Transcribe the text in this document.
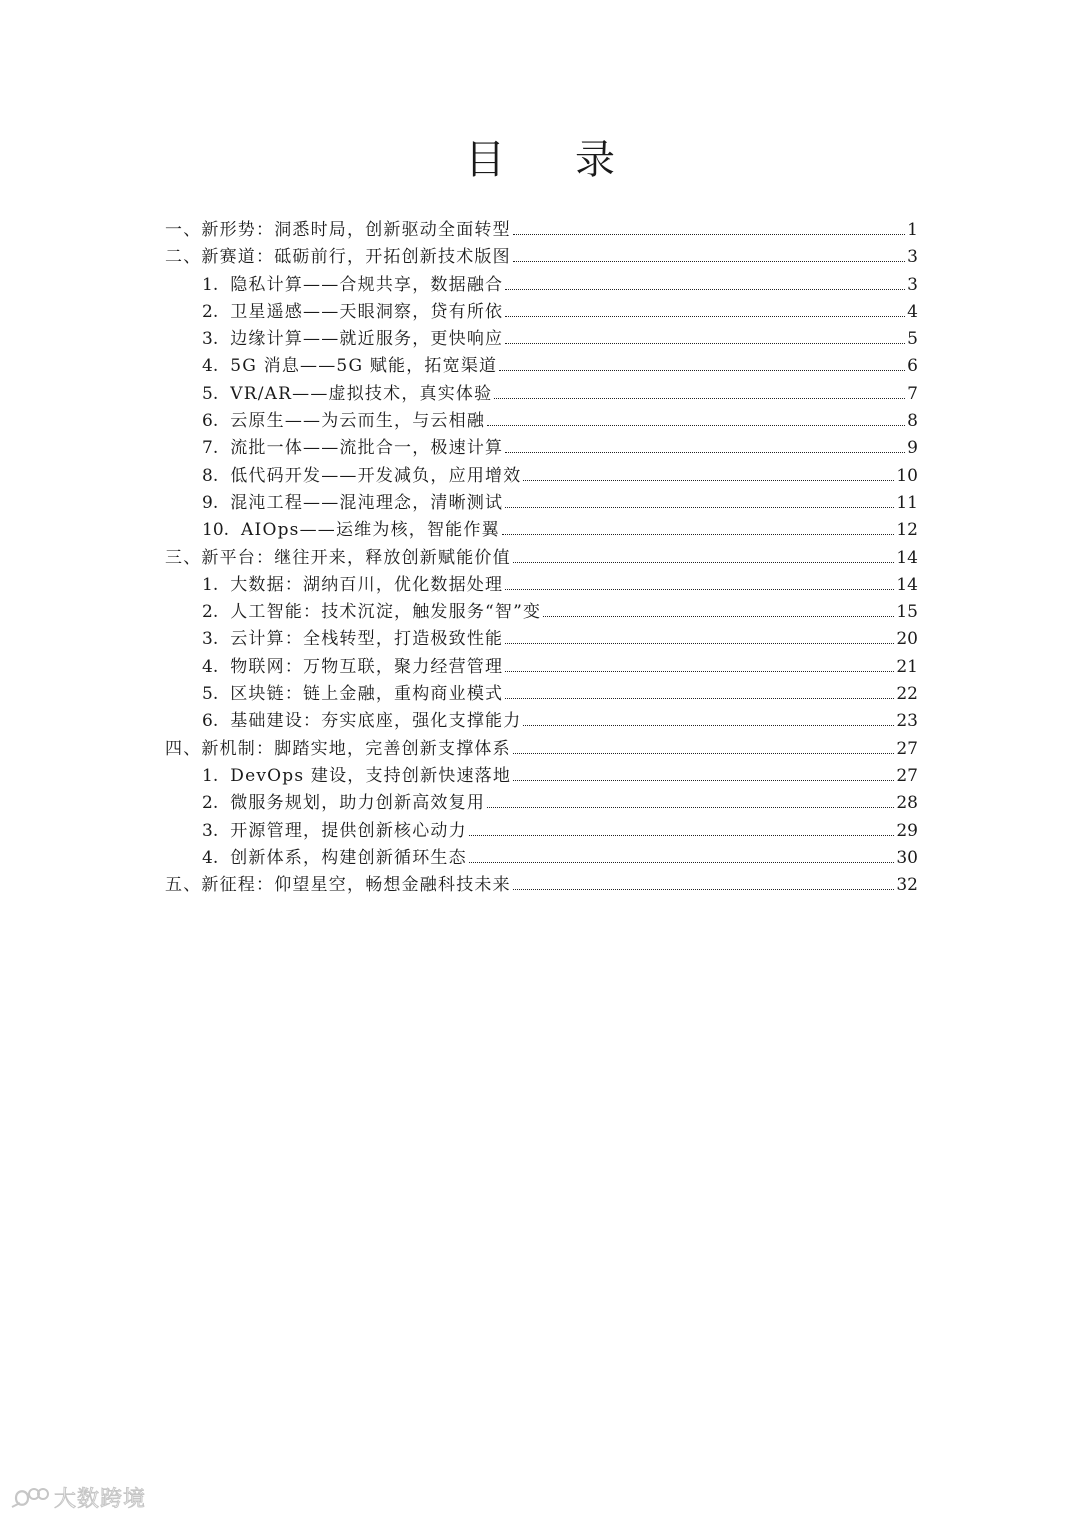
目 录
一、新形势：洞悉时局，创新驱动全面转型	1
二、新赛道：砥砺前行，开拓创新技术版图	3
1. 隐私计算——合规共享，数据融合	3
2. 卫星遥感——天眼洞察，贷有所依	4
3. 边缘计算——就近服务，更快响应	5
4. 5G 消息——5G 赋能，拓宽渠道	6
5. VR/AR——虚拟技术，真实体验	7
6. 云原生——为云而生，与云相融	8
7. 流批一体——流批合一，极速计算	9
8. 低代码开发——开发减负，应用增效	10
9. 混沌工程——混沌理念，清晰测试	11
10. AIOps——运维为核，智能作翼	12
三、新平台：继往开来，释放创新赋能价值	14
1. 大数据：湖纳百川，优化数据处理	14
2. 人工智能：技术沉淀，触发服务“智”变	15
3. 云计算：全栈转型，打造极致性能	20
4. 物联网：万物互联，聚力经营管理	21
5. 区块链：链上金融，重构商业模式	22
6. 基础建设：夯实底座，强化支撑能力	23
四、新机制：脚踏实地，完善创新支撑体系	27
1. DevOps 建设，支持创新快速落地	27
2. 微服务规划，助力创新高效复用	28
3. 开源管理，提供创新核心动力	29
4. 创新体系，构建创新循环生态	30
五、新征程：仰望星空，畅想金融科技未来	32
大数跨境
